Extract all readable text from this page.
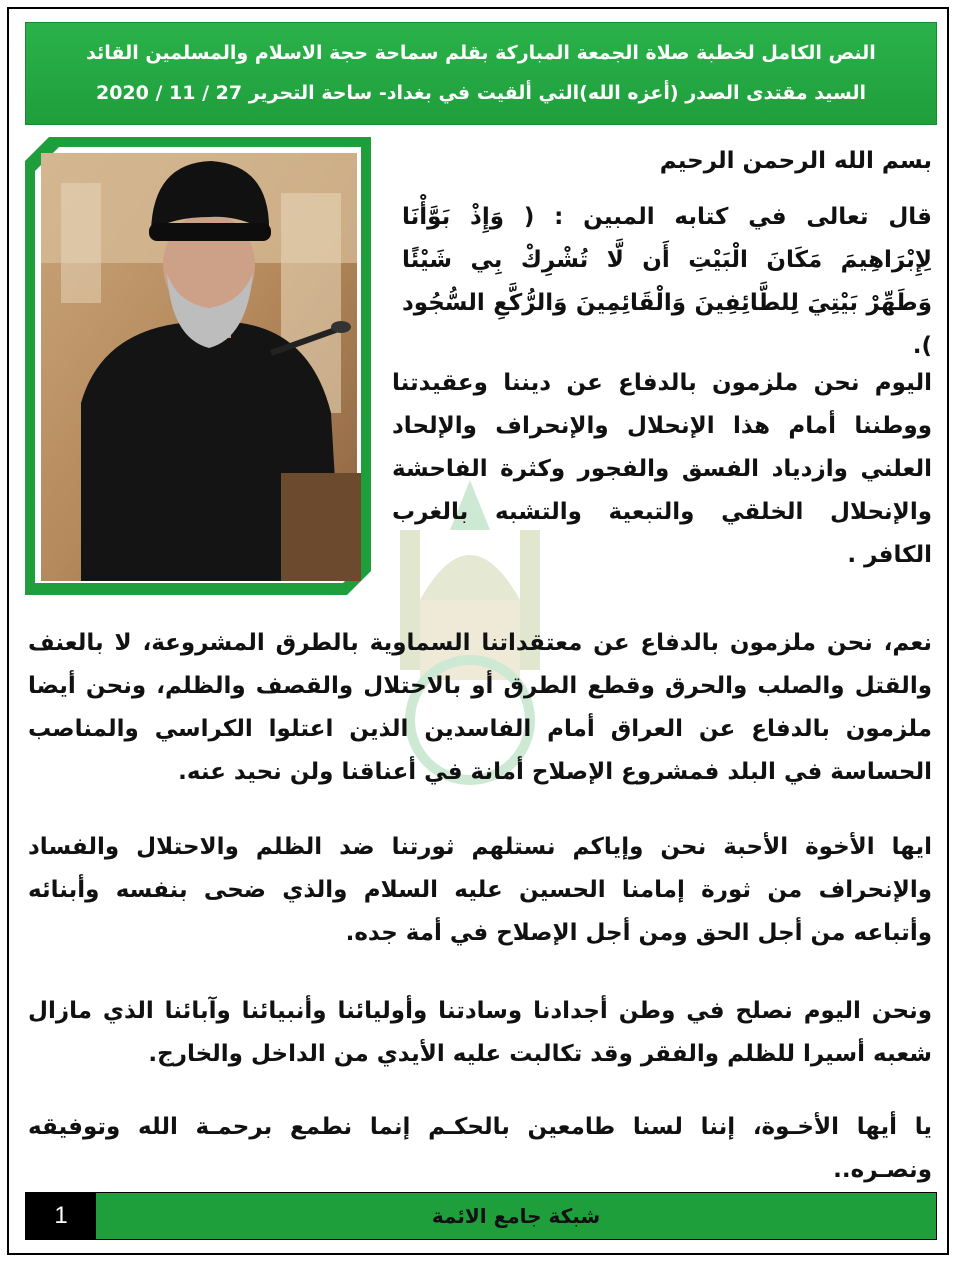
النص الكامل لخطبة صلاة الجمعة المباركة بقلم سماحة حجة الاسلام والمسلمين القائد
السيد مقتدى الصدر (أعزه الله)التي ألقيت في بغداد- ساحة التحرير 27 / 11 / 2020
بسم الله الرحمن الرحيم

قال تعالى في كتابه المبين : ( وَإِذْ بَوَّأْنَا لِإِبْرَاهِيمَ مَكَانَ الْبَيْتِ أَن لَّا تُشْرِكْ بِي شَيْئًا وَطَهِّرْ بَيْتِيَ لِلطَّائِفِينَ وَالْقَائِمِينَ وَالرُّكَّعِ السُّجُود ).

اليوم نحن ملزمون بالدفاع عن ديننا وعقيدتنا ووطننا أمام هذا الإنحلال والإنحراف والإلحاد العلني وازدياد الفسق والفجور وكثرة الفاحشة والإنحلال الخلقي والتبعية والتشبه بالغرب الكافر .

نعم، نحن ملزمون بالدفاع عن معتقداتنا السماوية بالطرق المشروعة، لا بالعنف والقتل والصلب والحرق وقطع الطرق أو بالاحتلال والقصف والظلم، ونحن أيضا ملزمون بالدفاع عن العراق أمام الفاسدين الذين اعتلوا الكراسي والمناصب الحساسة في البلد فمشروع الإصلاح أمانة في أعناقنا ولن نحيد عنه.

ايها الأخوة الأحبة نحن وإياكم نستلهم ثورتنا ضد الظلم والاحتلال والفساد والإنحراف من ثورة إمامنا الحسين عليه السلام والذي ضحى بنفسه وأبنائه وأتباعه من أجل الحق ومن أجل الإصلاح في أمة جده.

ونحن اليوم نصلح في وطن أجدادنا وسادتنا وأوليائنا وأنبيائنا وآبائنا الذي مازال شعبه أسيرا للظلم والفقر وقد تكالبت عليه الأيدي من الداخل والخارج.

يا أيها الأخـوة، إننا لسنا طامعين بالحكـم إنما نطمع برحمـة الله وتوفيقه ونصـره..

1	شبكة جامع الائمة
